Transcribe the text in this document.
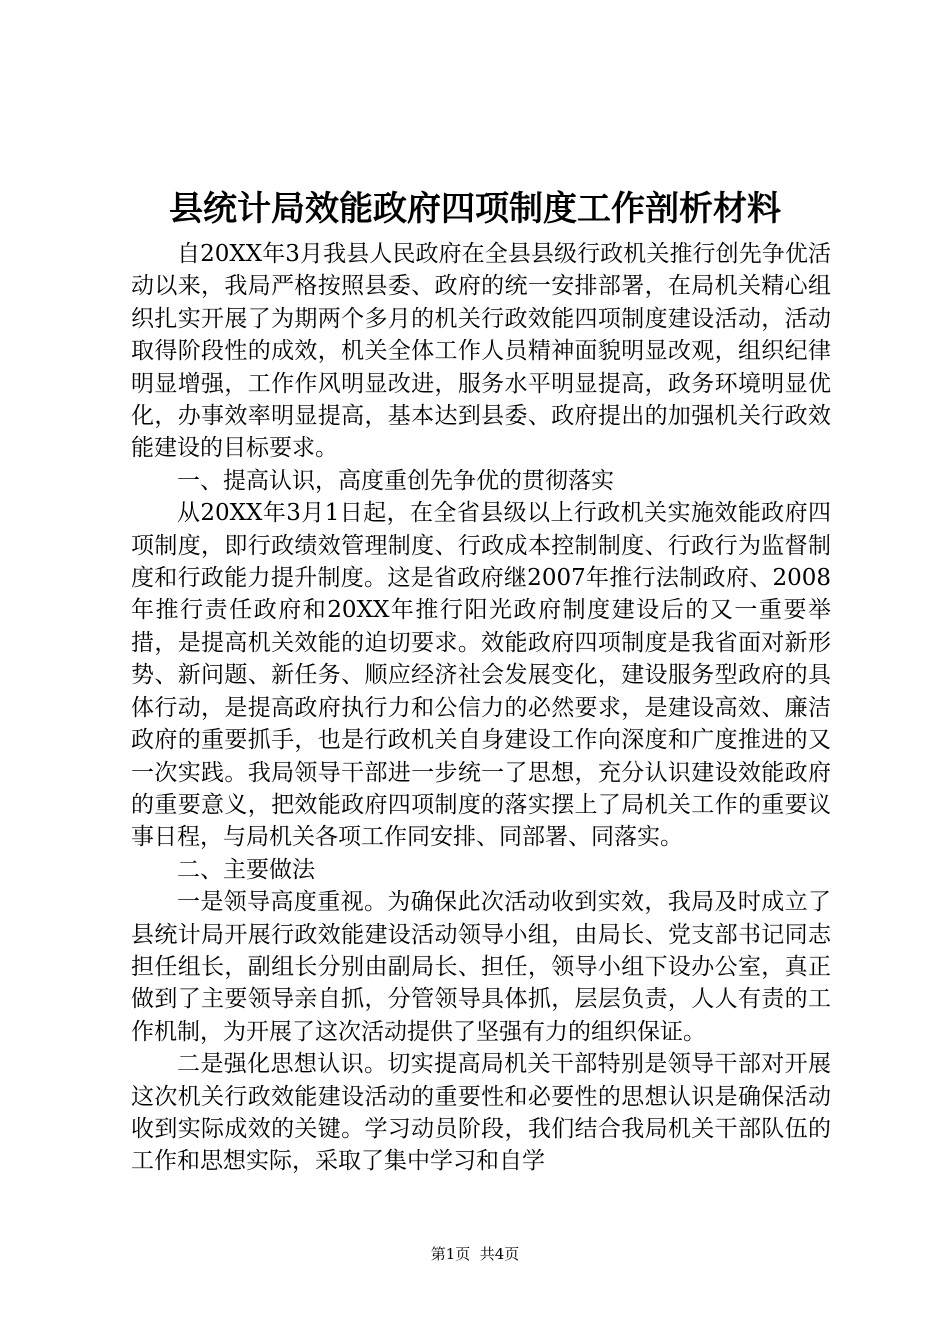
县统计局效能政府四项制度工作剖析材料

自20XX年3月我县人民政府在全县县级行政机关推行创先争优活动以来，我局严格按照县委、政府的统一安排部署，在局机关精心组织扎实开展了为期两个多月的机关行政效能四项制度建设活动，活动取得阶段性的成效，机关全体工作人员精神面貌明显改观，组织纪律明显增强，工作作风明显改进，服务水平明显提高，政务环境明显优化，办事效率明显提高，基本达到县委、政府提出的加强机关行政效能建设的目标要求。

一、提高认识，高度重创先争优的贯彻落实

从20XX年3月1日起，在全省县级以上行政机关实施效能政府四项制度，即行政绩效管理制度、行政成本控制制度、行政行为监督制度和行政能力提升制度。这是省政府继2007年推行法制政府、2008年推行责任政府和20XX年推行阳光政府制度建设后的又一重要举措，是提高机关效能的迫切要求。效能政府四项制度是我省面对新形势、新问题、新任务、顺应经济社会发展变化，建设服务型政府的具体行动，是提高政府执行力和公信力的必然要求，是建设高效、廉洁政府的重要抓手，也是行政机关自身建设工作向深度和广度推进的又一次实践。我局领导干部进一步统一了思想，充分认识建设效能政府的重要意义，把效能政府四项制度的落实摆上了局机关工作的重要议事日程，与局机关各项工作同安排、同部署、同落实。

二、主要做法

一是领导高度重视。为确保此次活动收到实效，我局及时成立了县统计局开展行政效能建设活动领导小组，由局长、党支部书记同志担任组长，副组长分别由副局长、担任，领导小组下设办公室，真正做到了主要领导亲自抓，分管领导具体抓，层层负责，人人有责的工作机制，为开展了这次活动提供了坚强有力的组织保证。

二是强化思想认识。切实提高局机关干部特别是领导干部对开展这次机关行政效能建设活动的重要性和必要性的思想认识是确保活动收到实际成效的关键。学习动员阶段，我们结合我局机关干部队伍的工作和思想实际，采取了集中学习和自学

第1页  共4页
